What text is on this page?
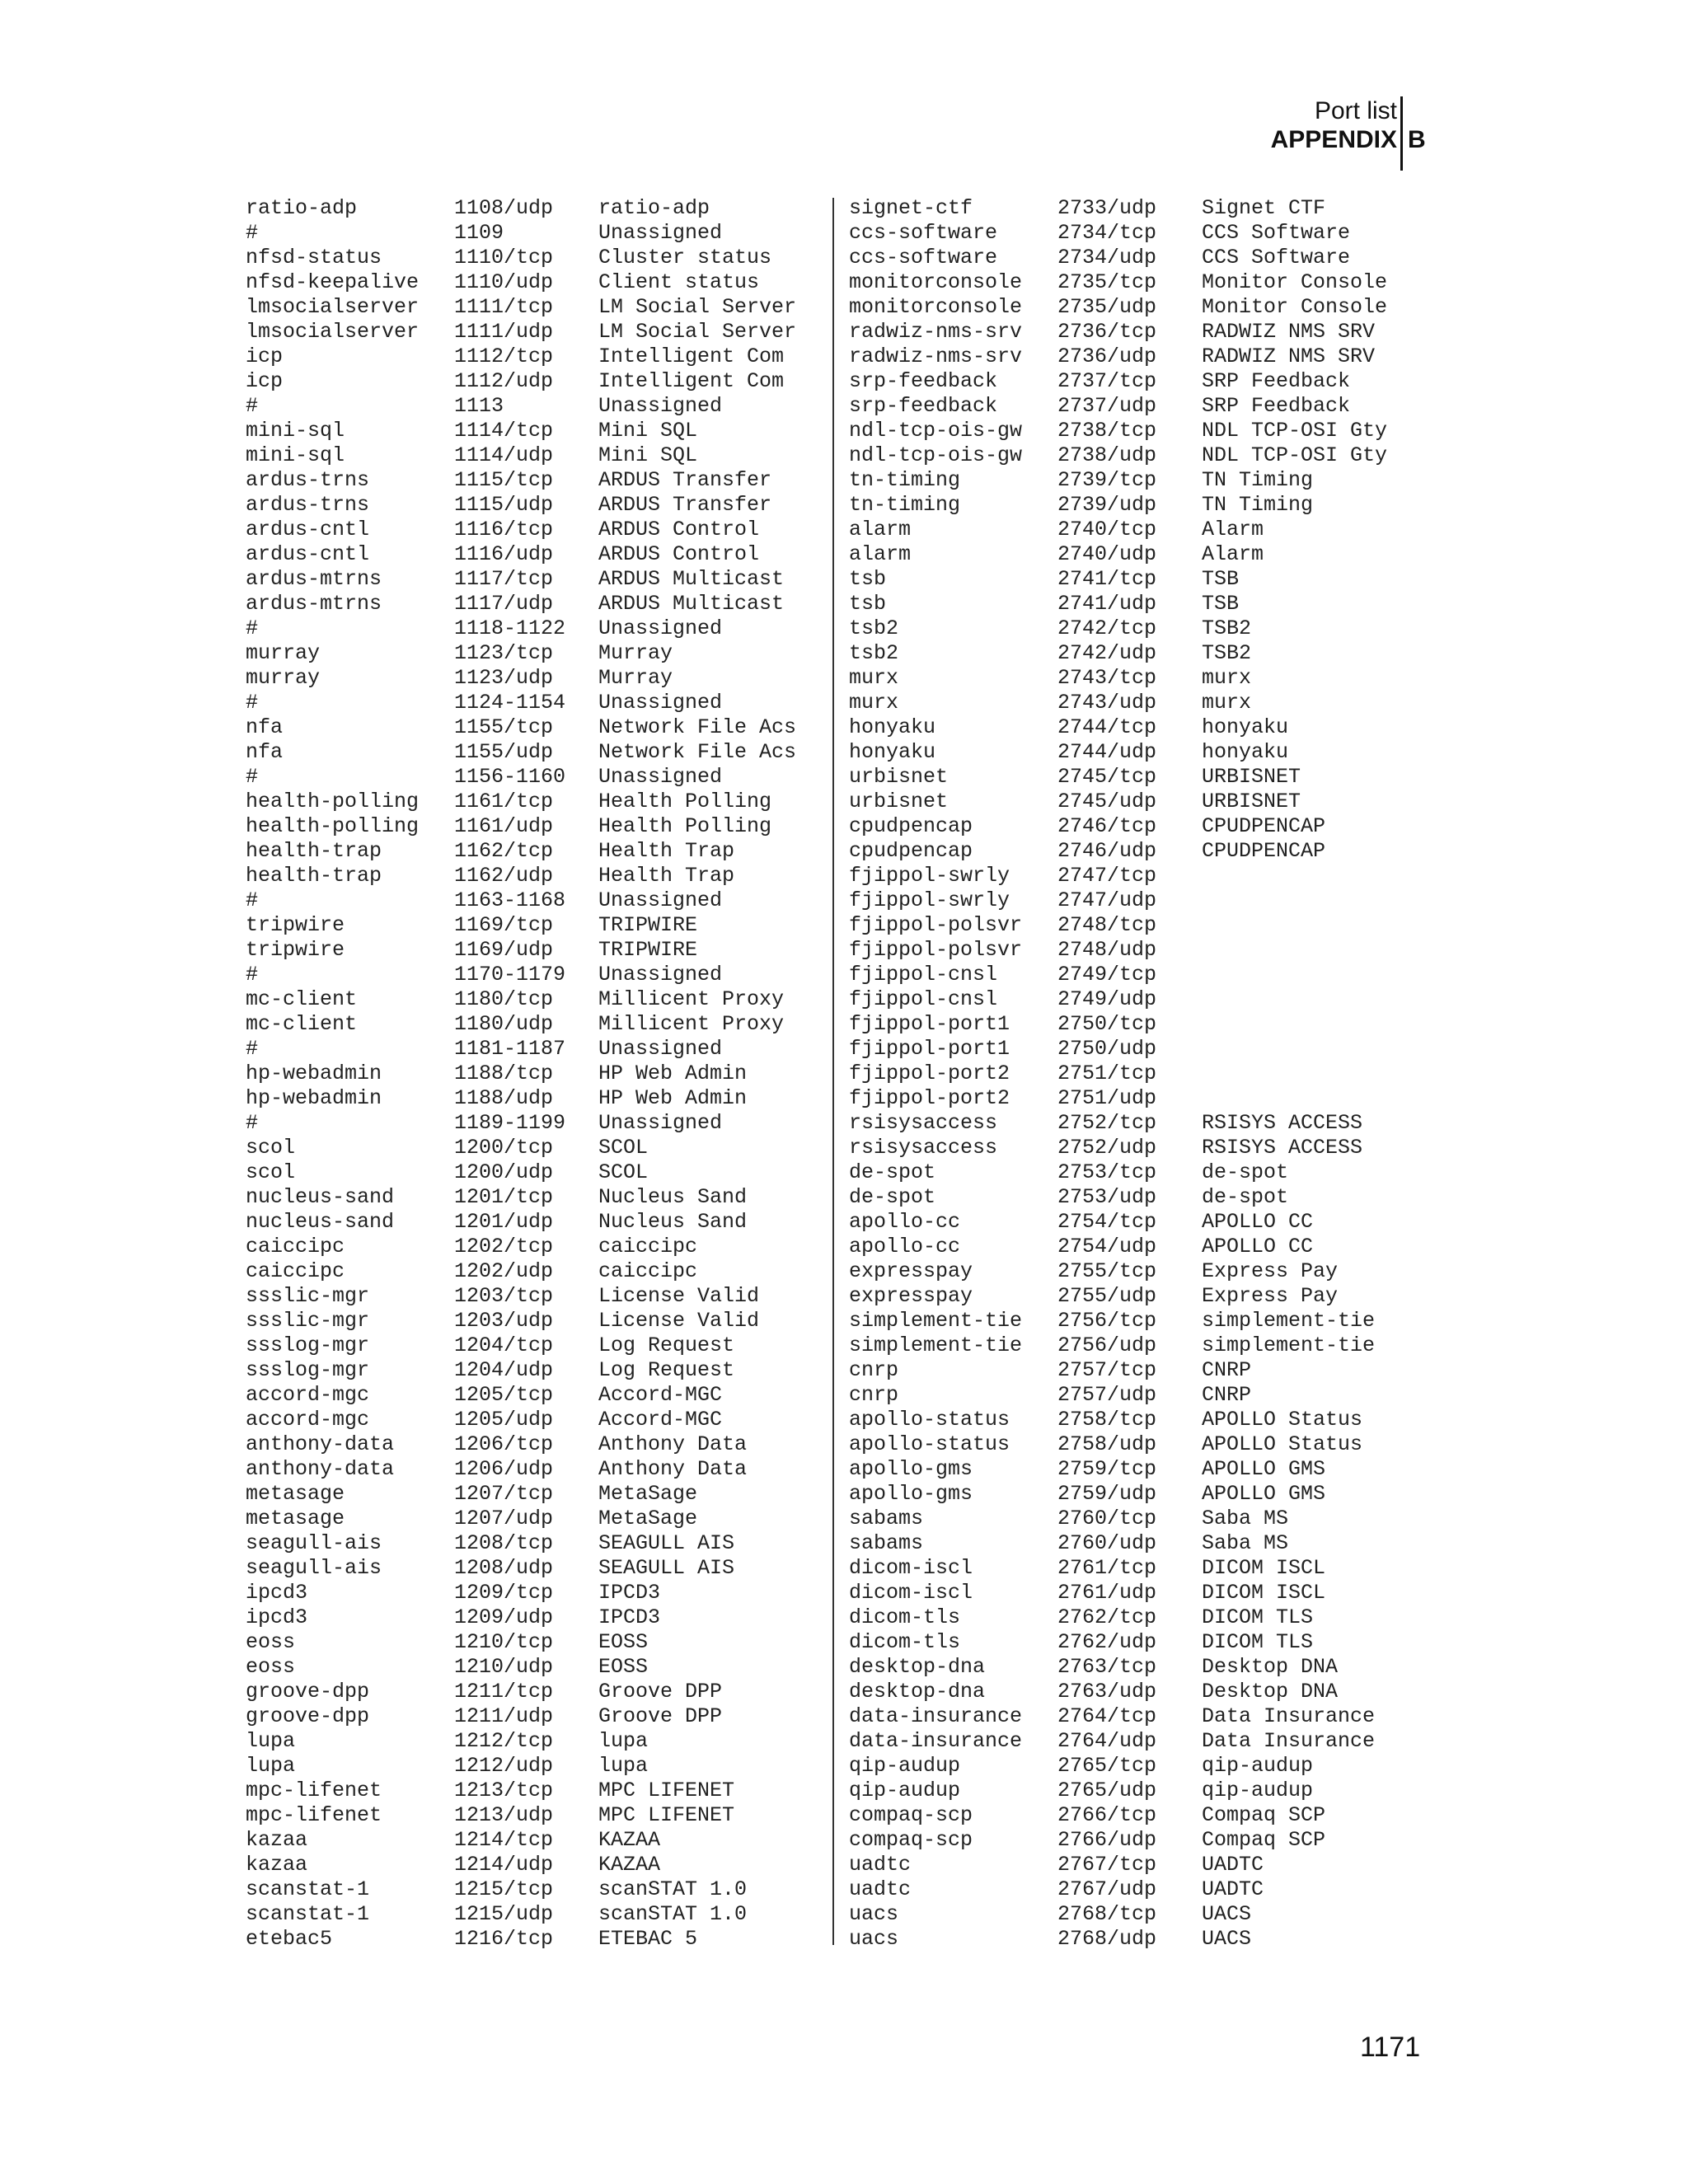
Port list
APPENDIX B
ratio-adp	1108/udp	ratio-adp
#	1109	Unassigned
nfsd-status	1110/tcp	Cluster status
nfsd-keepalive	1110/udp	Client status
lmsocialserver	1111/tcp	LM Social Server
lmsocialserver	1111/udp	LM Social Server
icp	1112/tcp	Intelligent Com
icp	1112/udp	Intelligent Com
#	1113	Unassigned
mini-sql	1114/tcp	Mini SQL
mini-sql	1114/udp	Mini SQL
ardus-trns	1115/tcp	ARDUS Transfer
ardus-trns	1115/udp	ARDUS Transfer
ardus-cntl	1116/tcp	ARDUS Control
ardus-cntl	1116/udp	ARDUS Control
ardus-mtrns	1117/tcp	ARDUS Multicast
ardus-mtrns	1117/udp	ARDUS Multicast
#	1118-1122	Unassigned
murray	1123/tcp	Murray
murray	1123/udp	Murray
#	1124-1154	Unassigned
nfa	1155/tcp	Network File Acs
nfa	1155/udp	Network File Acs
#	1156-1160	Unassigned
health-polling	1161/tcp	Health Polling
health-polling	1161/udp	Health Polling
health-trap	1162/tcp	Health Trap
health-trap	1162/udp	Health Trap
#	1163-1168	Unassigned
tripwire	1169/tcp	TRIPWIRE
tripwire	1169/udp	TRIPWIRE
#	1170-1179	Unassigned
mc-client	1180/tcp	Millicent Proxy
mc-client	1180/udp	Millicent Proxy
#	1181-1187	Unassigned
hp-webadmin	1188/tcp	HP Web Admin
hp-webadmin	1188/udp	HP Web Admin
#	1189-1199	Unassigned
scol	1200/tcp	SCOL
scol	1200/udp	SCOL
nucleus-sand	1201/tcp	Nucleus Sand
nucleus-sand	1201/udp	Nucleus Sand
caiccipc	1202/tcp	caiccipc
caiccipc	1202/udp	caiccipc
ssslic-mgr	1203/tcp	License Valid
ssslic-mgr	1203/udp	License Valid
ssslog-mgr	1204/tcp	Log Request
ssslog-mgr	1204/udp	Log Request
accord-mgc	1205/tcp	Accord-MGC
accord-mgc	1205/udp	Accord-MGC
anthony-data	1206/tcp	Anthony Data
anthony-data	1206/udp	Anthony Data
metasage	1207/tcp	MetaSage
metasage	1207/udp	MetaSage
seagull-ais	1208/tcp	SEAGULL AIS
seagull-ais	1208/udp	SEAGULL AIS
ipcd3	1209/tcp	IPCD3
ipcd3	1209/udp	IPCD3
eoss	1210/tcp	EOSS
eoss	1210/udp	EOSS
groove-dpp	1211/tcp	Groove DPP
groove-dpp	1211/udp	Groove DPP
lupa	1212/tcp	lupa
lupa	1212/udp	lupa
mpc-lifenet	1213/tcp	MPC LIFENET
mpc-lifenet	1213/udp	MPC LIFENET
kazaa	1214/tcp	KAZAA
kazaa	1214/udp	KAZAA
scanstat-1	1215/tcp	scanSTAT 1.0
scanstat-1	1215/udp	scanSTAT 1.0
etebac5	1216/tcp	ETEBAC 5
signet-ctf	2733/udp	Signet CTF
ccs-software	2734/tcp	CCS Software
ccs-software	2734/udp	CCS Software
monitorconsole	2735/tcp	Monitor Console
monitorconsole	2735/udp	Monitor Console
radwiz-nms-srv	2736/tcp	RADWIZ NMS SRV
radwiz-nms-srv	2736/udp	RADWIZ NMS SRV
srp-feedback	2737/tcp	SRP Feedback
srp-feedback	2737/udp	SRP Feedback
ndl-tcp-ois-gw	2738/tcp	NDL TCP-OSI Gty
ndl-tcp-ois-gw	2738/udp	NDL TCP-OSI Gty
tn-timing	2739/tcp	TN Timing
tn-timing	2739/udp	TN Timing
alarm	2740/tcp	Alarm
alarm	2740/udp	Alarm
tsb	2741/tcp	TSB
tsb	2741/udp	TSB
tsb2	2742/tcp	TSB2
tsb2	2742/udp	TSB2
murx	2743/tcp	murx
murx	2743/udp	murx
honyaku	2744/tcp	honyaku
honyaku	2744/udp	honyaku
urbisnet	2745/tcp	URBISNET
urbisnet	2745/udp	URBISNET
cpudpencap	2746/tcp	CPUDPENCAP
cpudpencap	2746/udp	CPUDPENCAP
fjippol-swrly	2747/tcp
fjippol-swrly	2747/udp
fjippol-polsvr	2748/tcp
fjippol-polsvr	2748/udp
fjippol-cnsl	2749/tcp
fjippol-cnsl	2749/udp
fjippol-port1	2750/tcp
fjippol-port1	2750/udp
fjippol-port2	2751/tcp
fjippol-port2	2751/udp
rsisysaccess	2752/tcp	RSISYS ACCESS
rsisysaccess	2752/udp	RSISYS ACCESS
de-spot	2753/tcp	de-spot
de-spot	2753/udp	de-spot
apollo-cc	2754/tcp	APOLLO CC
apollo-cc	2754/udp	APOLLO CC
expresspay	2755/tcp	Express Pay
expresspay	2755/udp	Express Pay
simplement-tie	2756/tcp	simplement-tie
simplement-tie	2756/udp	simplement-tie
cnrp	2757/tcp	CNRP
cnrp	2757/udp	CNRP
apollo-status	2758/tcp	APOLLO Status
apollo-status	2758/udp	APOLLO Status
apollo-gms	2759/tcp	APOLLO GMS
apollo-gms	2759/udp	APOLLO GMS
sabams	2760/tcp	Saba MS
sabams	2760/udp	Saba MS
dicom-iscl	2761/tcp	DICOM ISCL
dicom-iscl	2761/udp	DICOM ISCL
dicom-tls	2762/tcp	DICOM TLS
dicom-tls	2762/udp	DICOM TLS
desktop-dna	2763/tcp	Desktop DNA
desktop-dna	2763/udp	Desktop DNA
data-insurance	2764/tcp	Data Insurance
data-insurance	2764/udp	Data Insurance
qip-audup	2765/tcp	qip-audup
qip-audup	2765/udp	qip-audup
compaq-scp	2766/tcp	Compaq SCP
compaq-scp	2766/udp	Compaq SCP
uadtc	2767/tcp	UADTC
uadtc	2767/udp	UADTC
uacs	2768/tcp	UACS
uacs	2768/udp	UACS
1171
